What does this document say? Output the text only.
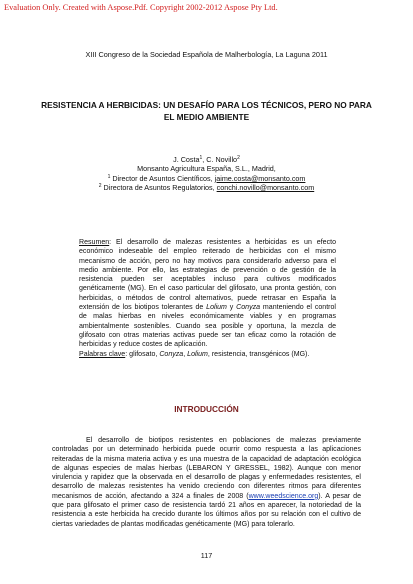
Evaluation Only. Created with Aspose.Pdf. Copyright 2002-2012 Aspose Pty Ltd.
XIII Congreso de la Sociedad Española de Malherbología, La Laguna 2011
RESISTENCIA A HERBICIDAS: UN DESAFÍO PARA LOS TÉCNICOS, PERO NO PARA EL MEDIO AMBIENTE
J. Costa$^1$, C. Novillo$^2$
Monsanto Agricultura España, S.L., Madrid,
$^1$ Director de Asuntos Científicos, jaime.costa@monsanto.com
$^2$ Directora de Asuntos Regulatorios, conchi.novillo@monsanto.com

Resumen: El desarrollo de malezas resistentes a herbicidas es un efecto económico indeseable del empleo reiterado de herbicidas con el mismo mecanismo de acción, pero no hay motivos para considerarlo adverso para el medio ambiente. Por ello, las estrategias de prevención o de gestión de la resistencia pueden ser aceptables incluso para cultivos modificados genéticamente (MG). En el caso particular del glifosato, una pronta gestión, con herbicidas, o métodos de control alternativos, puede retrasar en España la extensión de los biotipos tolerantes de Lolium y Conyza manteniendo el control de malas hierbas en niveles económicamente viables y en programas ambientalmente sostenibles. Cuando sea posible y oportuna, la mezcla de glifosato con otras materias activas puede ser tan eficaz como la rotación de herbicidas y reduce costes de aplicación.

Palabras clave: glifosato, Conyza, Lolium, resistencia, transgénicos (MG).

INTRODUCCIÓN

El desarrollo de biotipos resistentes en poblaciones de malezas previamente controladas por un determinado herbicida puede ocurrir como respuesta a las aplicaciones reiteradas de la misma materia activa y es una muestra de la capacidad de adaptación ecológica de algunas especies de malas hierbas (LEBARON Y GRESSEL, 1982). Aunque con menor virulencia y rapidez que la observada en el desarrollo de plagas y enfermedades resistentes, el desarrollo de malezas resistentes ha venido creciendo con diferentes ritmos para diferentes mecanismos de acción, afectando a 324 a finales de 2008 (www.weedscience.org). A pesar de que para glifosato el primer caso de resistencia tardó 21 años en aparecer, la notoriedad de la resistencia a este herbicida ha crecido durante los últimos años por su relación con el cultivo de ciertas variedades de plantas modificadas genéticamente (MG) para tolerarlo.

117
